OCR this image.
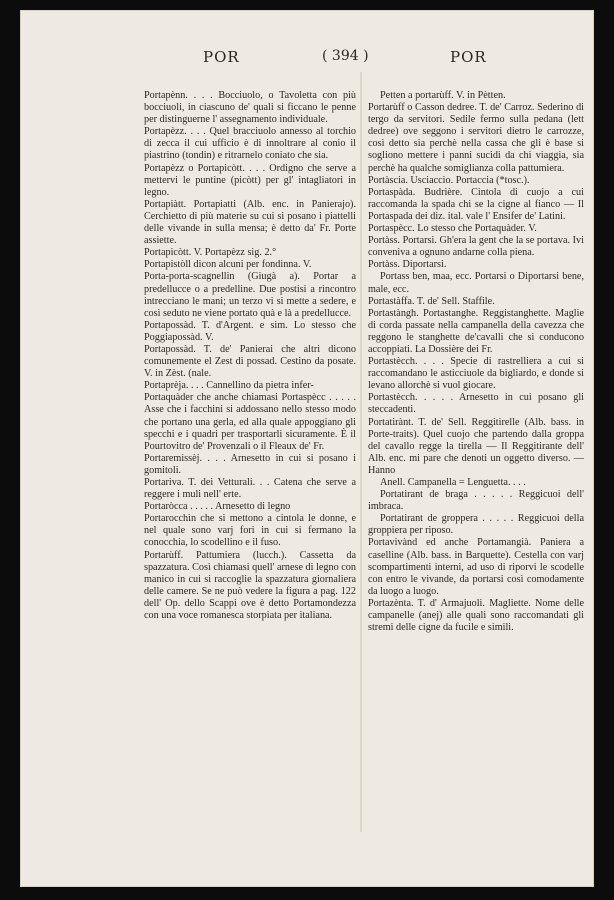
POR	( 394 )	POR

Portapènn. . . . Bocciuolo, o Tavoletta con più bocciuoli, in ciascuno de' quali si ficcano le penne per distinguerne l' assegnamento individuale.

Portapèzz. . . . Quel bracciuolo annesso al torchio di zecca il cui ufficio è di innoltrare al conio il piastrino (tondin) e ritrarnelo coniato che sia.

Portapèzz o Portapicòtt. . . . Ordigno che serve a mettervi le puntine (picòtt) per gl' intagliatori in legno.

Portapiàtt. Portapiatti (Alb. enc. in Panierajo). Cerchietto di più materie su cui si posano i piattelli delle vivande in sulla mensa; è detto da' Fr. Porte assiette.

Portapicòtt. V. Portapèzz sig. 2.°

Portapistòll dicon alcuni per fondinna. V.

Porta-porta-scagnellin (Giugà a). Portar a predellucce o a predelline. Due postisi a rincontro intrecciano le mani; un terzo vi si mette a sedere, e così seduto ne viene portato quà e là a predellucce.

Portapossàd. T. d'Argent. e sim. Lo stesso che Poggiapossàd. V.

Portapossàd. T. de' Panierai che altri dicono comunemente el Zest di possad. Cestino da posate. V. in Zèst. (nale.

Portaprèja. . . . Cannellino da pietra infer-

Portaquàder che anche chiamasi Portaspècc . . . . . Asse che i facchini si addossano nello stesso modo che portano una gerla, ed alla quale appoggiano gli specchi e i quadri per trasportarli sicuramente. È il Pourtovitro de' Provenzali o il Fleaux de' Fr.

Portaremissèj. . . . Arnesetto in cui si posano i gomitoli.

Portariva. T. dei Vetturali. . . Catena che serve a reggere i muli nell' erte.

Portaròcca . . . . . Arnesetto di legno

Portarocchìn che si mettono a cintola le donne, e nel quale sono varj fori in cui si fermano la conocchia, lo scodellino e il fuso.

Portarùff. Pattumiera (lucch.). Cassetta da spazzatura. Così chiamasi quell' arnese di legno con manico in cui si raccoglie la spazzatura giornaliera delle camere. Se ne può vedere la figura a pag. 122 dell' Op. dello Scappi ove è detto Portamondezza con una voce romanesca storpiata per italiana.

Petten a portarùff. V. in Pètten.

Portarùff o Casson dedree. T. de' Carroz. Sederino di tergo da servitori. Sedile fermo sulla pedana (lett dedree) ove seggono i servitori dietro le carrozze, così detto sia perchè nella cassa che gli è base si sogliono mettere i panni sucidi da chi viaggia, sia perchè ha qualche somiglianza colla pattumiera.

Portàscia. Usciaccio. Portaccia (*tosc.).

Portaspàda. Budrière. Cintola di cuojo a cui raccomanda la spada chi se la cigne al fianco — Il Portaspada dei diz. ital. vale l' Ensifer de' Latini.

Portaspècc. Lo stesso che Portaquàder. V.

Portàss. Portarsi. Gh'era la gent che la se portava. Ivi conveniva a ognuno andarne colla piena.

Portàss. Diportarsi.

Portass ben, maa, ecc. Portarsi o Diportarsi bene, male, ecc.

Portastàffa. T. de' Sell. Staffile.

Portastàngh. Portastanghe. Reggistanghette. Maglie di corda passate nella campanella della cavezza che reggono le stanghette de'cavalli che si conducono accoppiati. La Dossière dei Fr.

Portastècch. . . . Specie di rastrelliera a cui si raccomandano le asticciuole da bigliardo, e donde si levano allorchè si vuol giocare.

Portastècch. . . . . Arnesetto in cui posano gli steccadenti.

Portatirànt. T. de' Sell. Reggitirelle (Alb. bass. in Porte-traits). Quel cuojo che partendo dalla groppa del cavallo regge la tirella — Il Reggitirante dell' Alb. enc. mi pare che denoti un oggetto diverso. — Hanno

Anell. Campanella = Lenguetta. . . .

Portatirant de braga . . . . . Reggicuoi dell' imbraca.

Portatirant de groppera . . . . . Reggicuoi della groppiera per riposo.

Portavivànd ed anche Portamangià. Paniera a caselline (Alb. bass. in Barquette). Cestella con varj scompartimenti interni, ad uso di riporvi le scodelle con entro le vivande, da portarsi così comodamente da luogo a luogo.

Portazènta. T. d' Armajuoli. Magliette. Nome delle campanelle (anej) alle quali sono raccomandati gli stremi delle cigne da fucile e simili.
